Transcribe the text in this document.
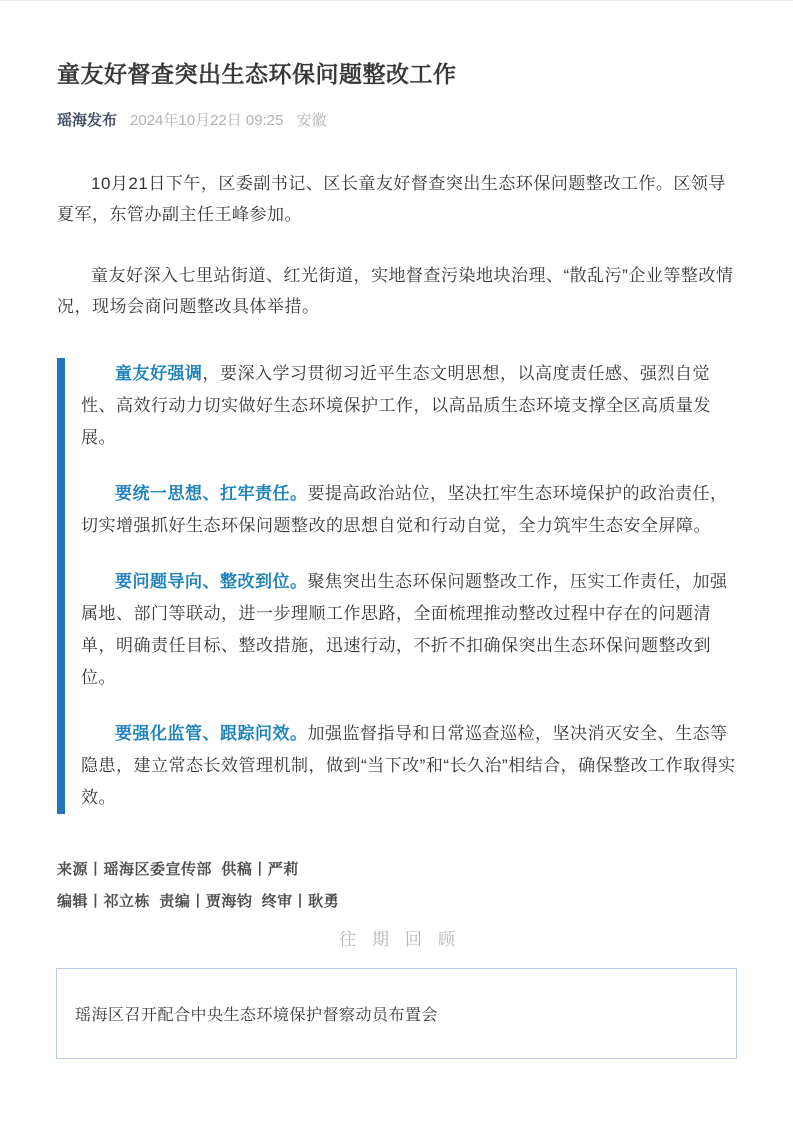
童友好督查突出生态环保问题整改工作
瑶海发布 2024年10月22日 09:25 安徽

10月21日下午，区委副书记、区长童友好督查突出生态环保问题整改工作。区领导夏军，东管办副主任王峰参加。

童友好深入七里站街道、红光街道，实地督查污染地块治理、“散乱污”企业等整改情况，现场会商问题整改具体举措。

童友好强调，要深入学习贯彻习近平生态文明思想，以高度责任感、强烈自觉性、高效行动力切实做好生态环境保护工作，以高品质生态环境支撑全区高质量发展。

要统一思想、扛牢责任。要提高政治站位，坚决扛牢生态环境保护的政治责任，切实增强抓好生态环保问题整改的思想自觉和行动自觉，全力筑牢生态安全屏障。

要问题导向、整改到位。聚焦突出生态环保问题整改工作，压实工作责任，加强属地、部门等联动，进一步理顺工作思路，全面梳理推动整改过程中存在的问题清单，明确责任目标、整改措施，迅速行动，不折不扣确保突出生态环保问题整改到位。

要强化监管、跟踪问效。加强监督指导和日常巡查巡检，坚决消灭安全、生态等隐患，建立常态长效管理机制，做到“当下改”和“长久治”相结合，确保整改工作取得实效。

来源丨瑶海区委宣传部  供稿丨严莉

编辑丨祁立栋  责编丨贾海钧  终审丨耿勇

往期回顾
瑶海区召开配合中央生态环境保护督察动员布置会
